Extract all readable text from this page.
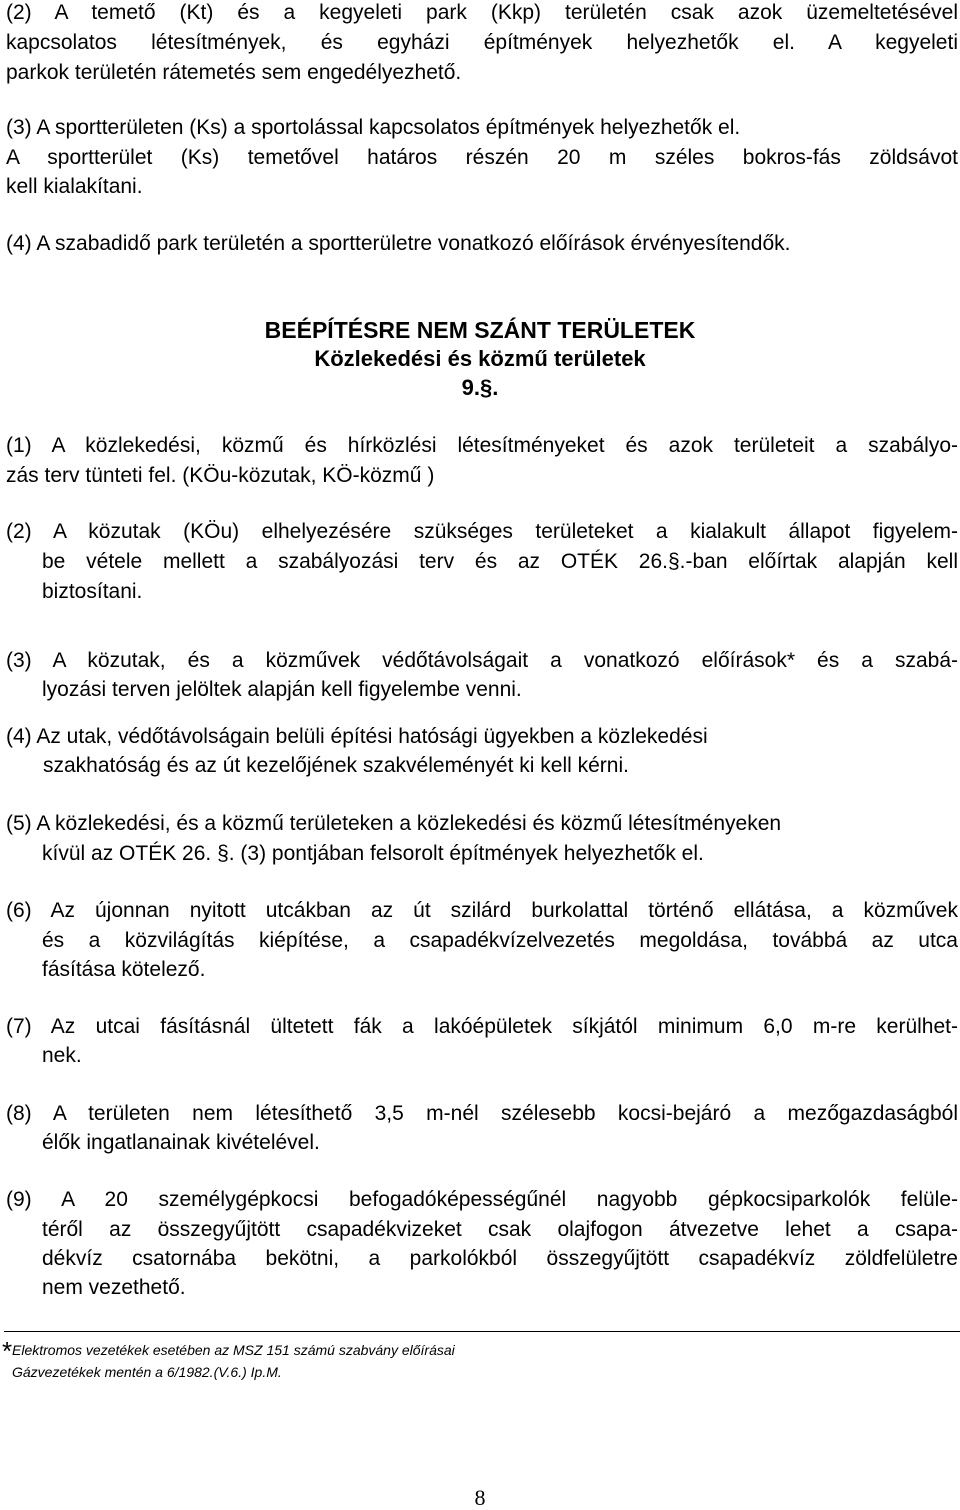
(2) A temető (Kt) és a kegyeleti park (Kkp) területén csak azok üzemeltetésével
kapcsolatos létesítmények, és egyházi építmények helyezhetők el. A kegyeleti
parkok területén rátemetés sem engedélyezhető.
(3) A sportterületen (Ks) a sportolással kapcsolatos építmények helyezhetők el.
A sportterület (Ks) temetővel határos részén 20 m széles bokros-fás zöldsávot
kell kialakítani.
(4) A szabadidő park területén a sportterületre vonatkozó előírások érvényesítendők.
BEÉPÍTÉSRE NEM SZÁNT TERÜLETEK
Közlekedési és közmű területek
9.§.
(1) A közlekedési, közmű és hírközlési létesítményeket és azok területeit a szabályo-
zás terv tünteti fel. (KÖu-közutak, KÖ-közmű )
(2) A közutak (KÖu) elhelyezésére szükséges területeket a kialakult állapot figyelem-
be vétele mellett a szabályozási terv és az OTÉK 26.§.-ban előírtak alapján kell
biztosítani.
(3) A közutak, és a közművek védőtávolságait a vonatkozó előírások* és a szabá-
lyozási terven jelöltek alapján kell figyelembe venni.
(4) Az utak, védőtávolságain belüli építési hatósági ügyekben a közlekedési
szakhatóság és az út kezelőjének szakvéleményét ki kell kérni.
(5) A közlekedési, és a közmű területeken a közlekedési és közmű létesítményeken
kívül az OTÉK 26. §. (3) pontjában felsorolt építmények helyezhetők el.
(6) Az újonnan nyitott utcákban az út szilárd burkolattal történő ellátása, a közművek
és a közvilágítás kiépítése, a csapadékvízelvezetés megoldása, továbbá az utca
fásítása kötelező.
(7) Az utcai fásításnál ültetett fák a lakóépületek síkjától minimum 6,0 m-re kerülhet-
nek.
(8) A területen nem létesíthető 3,5 m-nél szélesebb kocsi-bejáró a mezőgazdaságból
élők ingatlanainak kivételével.
(9) A 20 személygépkocsi befogadóképességűnél nagyobb gépkocsiparkolók felüle-
téről az összegyűjtött csapadékvizeket csak olajfogon átvezetve lehet a csapa-
dékvíz csatornába bekötni, a parkolókból összegyűjtött csapadékvíz zöldfelületre
nem vezethető.
* Elektromos vezetékek esetében az MSZ 151 számú szabvány előírásai
Gázvezetékek mentén a 6/1982.(V.6.) Ip.M.
8
